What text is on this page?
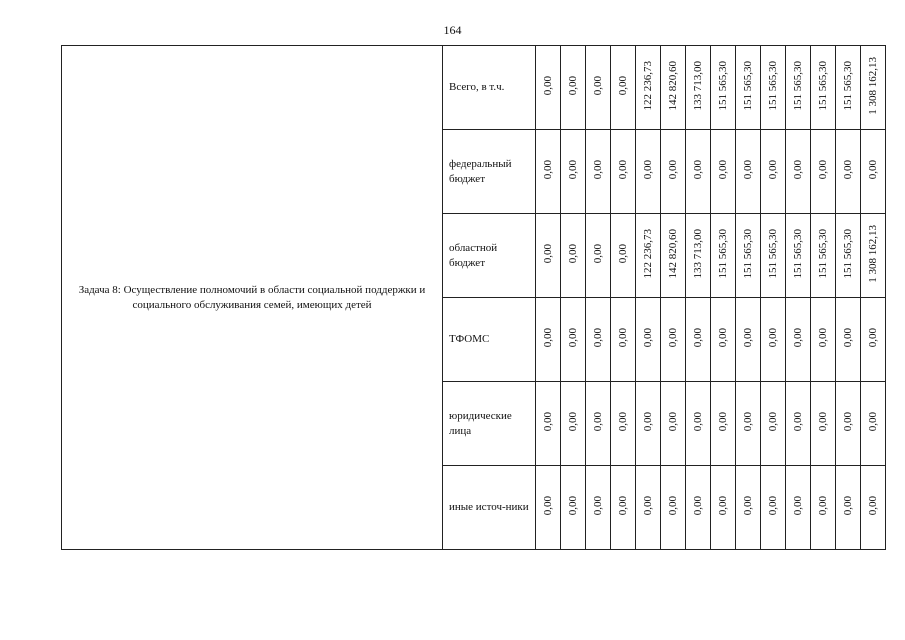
164
Задача 8: Осуществление полномочий в области социальной поддержки и социального обслуживания семей, имеющих детей	Всего, в т.ч.	0,00	0,00	0,00	0,00	122 236,73	142 820,60	133 713,00	151 565,30	151 565,30	151 565,30	151 565,30	151 565,30	151 565,30	1 308 162,13
	федеральный бюджет	0,00	0,00	0,00	0,00	0,00	0,00	0,00	0,00	0,00	0,00	0,00	0,00	0,00	0,00
	областной бюджет	0,00	0,00	0,00	0,00	122 236,73	142 820,60	133 713,00	151 565,30	151 565,30	151 565,30	151 565,30	151 565,30	151 565,30	1 308 162,13
	ТФОМС	0,00	0,00	0,00	0,00	0,00	0,00	0,00	0,00	0,00	0,00	0,00	0,00	0,00	0,00
	юридические лица	0,00	0,00	0,00	0,00	0,00	0,00	0,00	0,00	0,00	0,00	0,00	0,00	0,00	0,00
	иные источ-ники	0,00	0,00	0,00	0,00	0,00	0,00	0,00	0,00	0,00	0,00	0,00	0,00	0,00	0,00
